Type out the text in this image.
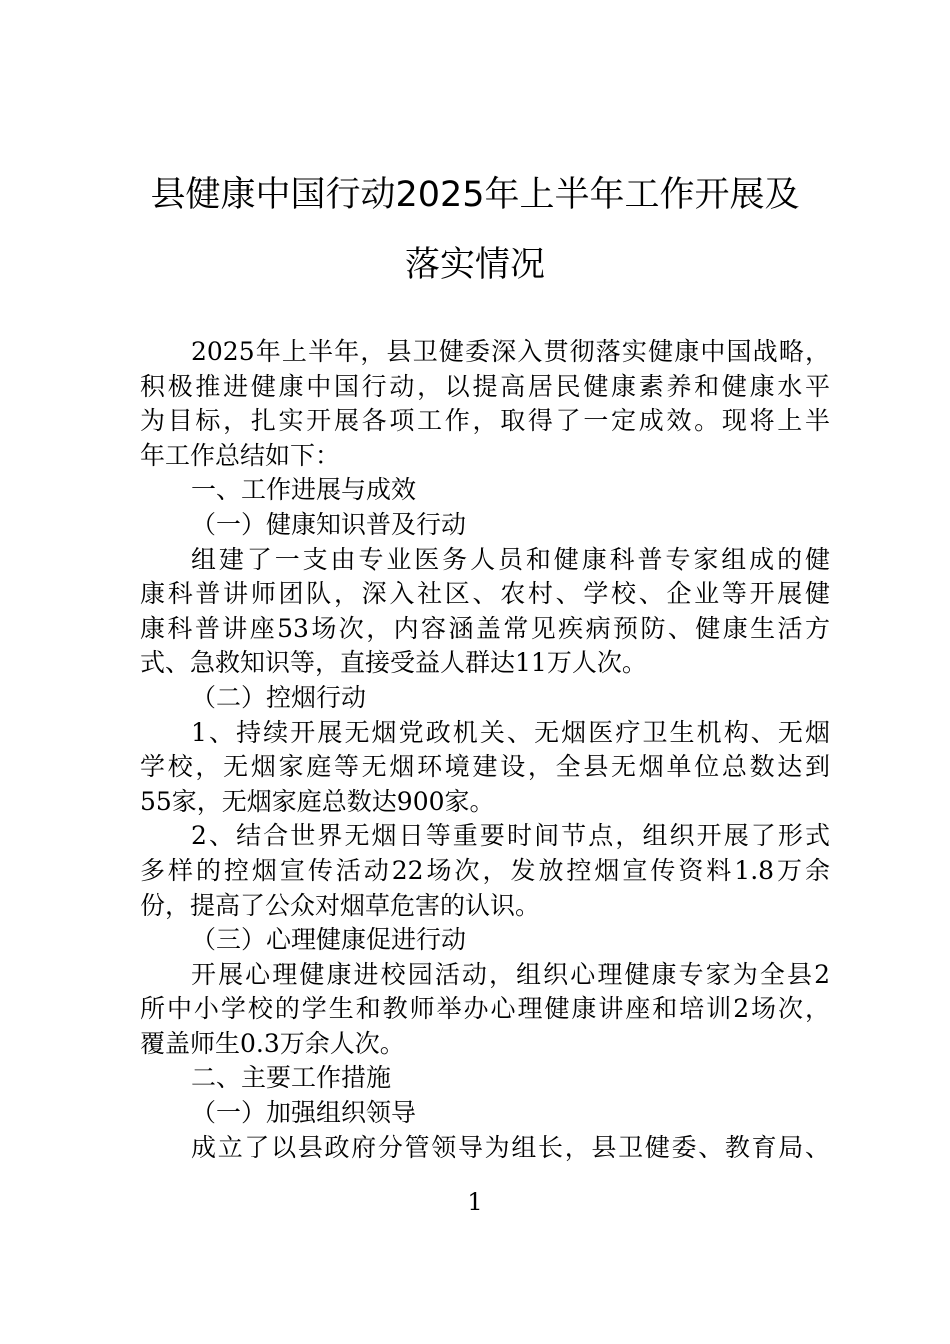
县健康中国行动2025年上半年工作开展及
落实情况
2025年上半年，县卫健委深入贯彻落实健康中国战略，
积极推进健康中国行动，以提高居民健康素养和健康水平
为目标，扎实开展各项工作，取得了一定成效。现将上半
年工作总结如下：
一、工作进展与成效
（一）健康知识普及行动
组建了一支由专业医务人员和健康科普专家组成的健
康科普讲师团队，深入社区、农村、学校、企业等开展健
康科普讲座53场次，内容涵盖常见疾病预防、健康生活方
式、急救知识等，直接受益人群达11万人次。
（二）控烟行动
1、持续开展无烟党政机关、无烟医疗卫生机构、无烟
学校，无烟家庭等无烟环境建设，全县无烟单位总数达到
55家，无烟家庭总数达900家。
2、结合世界无烟日等重要时间节点，组织开展了形式
多样的控烟宣传活动22场次，发放控烟宣传资料1.8万余
份，提高了公众对烟草危害的认识。
（三）心理健康促进行动
开展心理健康进校园活动，组织心理健康专家为全县2
所中小学校的学生和教师举办心理健康讲座和培训2场次，
覆盖师生0.3万余人次。
二、主要工作措施
（一）加强组织领导
成立了以县政府分管领导为组长，县卫健委、教育局、
1
